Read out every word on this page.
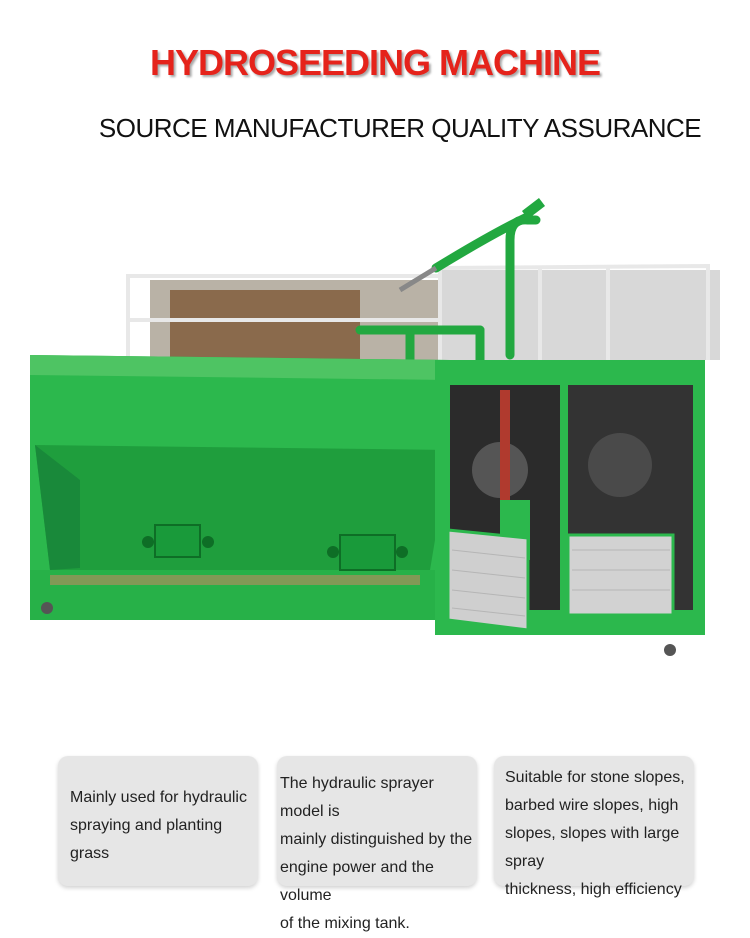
HYDROSEEDING MACHINE
SOURCE MANUFACTURER QUALITY ASSURANCE
Mainly used for hydraulic
spraying and planting grass
The hydraulic sprayer model is
mainly distinguished by the
engine power and the volume
of the mixing tank.
Suitable for stone slopes,
barbed wire slopes, high
slopes, slopes with large spray
thickness, high efficiency
